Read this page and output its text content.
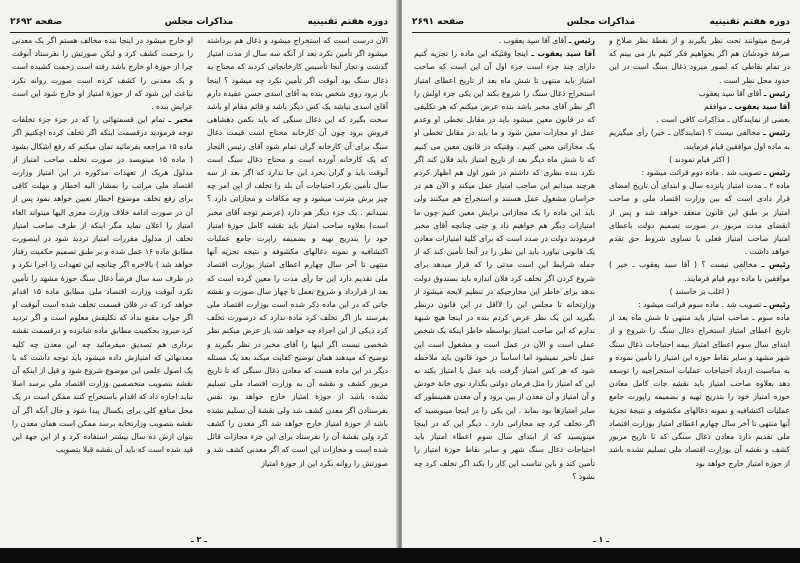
دوره هفتم تقنینیه
مذاکرات مجلس
صفحه ۲۶۹۲

الآن درست است که استخراج میشود و ذغال هم برداشته میشود اگر تأمین نکرد بعد از آنکه سه سال از مدت امتیاز گذشت و تجار آنجا تأسیس کارخانجاتی کردند که محتاج به ذغال سنگ بود آنوقت اگر تأمین نکرد چه میشود ؟ اینجا باز نرود روی شخص بنده به آقای اسدی حسن عقیده دارم آقای اسدی نباشد یک کس دیگر باشد و قائم مقام او باشد سخت بگیرد که این ذغال سنگی که باید بکمن دهشاهی فروش برود چون آن کارخانه محتاج است قیمت ذغال سنگ برای آن کارخانه گران تمام شود آقای رئیس التجار که یک کارخانه آورده است و محتاج ذغال سنگ است آنوقت باید و گران بخرد این جا ندارد که اگر بعد از سه سال تأمین نکرد احتیاجات آن بلد را تخلف از این امر چه چیز برش مترتب میشود و چه مکافات و مجازاتی دارد ؟ نمیدانم . یک جزء دیگر هم دارد (عرضم توجه آقای مخبر است) بعلاوه صاحب امتیاز باید نقشه کامل حوزهٔ امتیاز خود را بتدریج تهیه و بضمیمه راپرت جامع عملیات اکتشافیه و نمونه ذغالهای مکشوفه و نتیجه تجزیه آنها منتهی تا آخر سال چهارم اعطای امتیاز بوزارت اقتصاد ملی تقدیم دارد این جا رأی مدت را معین کرده است که بعد از قرارداد و شروع بعمل تا چهار سال صورت و نقشه جاتی که در این ماده ذکر شده است بوزارت اقتصاد ملی بفرستد باز اگر تخلف کرد مادهٔ ندارد که درصورت تخلف کرد ذیکی از این اجزاء چه خواهد شد باز عرض میکنم نظر شخصی نیست اگر اینها را آقای مخبر در نظر بگیرند و توضیح که میدهند همان توضیح کفایت میکند بعد یک مسئله دیگر در این ماده هست که معادن ذغال سنگی که تا تاریخ مزبور کشف و نقشه آن به وزارت اقتصاد ملی تسلیم نشده باشد از حوزهٔ امتیاز خارج خواهد بود نقس نفرستادن اگر معدن کشف شد ولی نقشهٔ آن تسلیم نشده باشد از حوزهٔ امتیاز خارج خواهد شد اگر معدن را کشف کرد ولی نقشهٔ آن را نفرستاد برای این جزء مجازات قائل شده است و مجازات این است که اگر معدنی کشف شد و صورتش را روانه نکرد این از حوزهٔ امتیاز

او خارج میشود در اینجا بنده مخالف هستم اگر یک معدنی را بزحمت کشف کرد و لیکن صورتش را نفرستاد آنوقت چرا از حوزهٔ او خارج باشد رفته است زحمت کشیده است و یک معدنی را کشف کرده است صورت روانه نکرد نباعث این شود که از حوزهٔ امتیاز او خارج شود این است عرایض بنده .

مخبر ـ تمام این قسمتهائی را که در جزء جزء تخلفات توجه فرمودید درقسمت اینکه اگر تخلف کرده اچکنیم اگر ماده ۱۵ مراجعه بفرمائید تمان میکنم که رفع اشکال بشود ( ماده ۱۵ مینویسد در صورت تخلف صاحب امتیاز از مدلول هریک از تعهدات مذکوره در این امتیاز وزارت اقتصاد ملی مراتب را بمشار الیه اخطار و مهلت کافی برای رفع تخلف موضوع اخطار تعیین خواهد نمود پس از آن در صورت ادامه خلاف وزارت معزی الیها میتواند الغاء امتیاز را اعلان نماید مگر اینکه از طرف صاحب امتیاز تخلف از مدلول مقررات امتیاز تردید شود در اینصورت مطابق ماده ۱۶ عمل شده و بر طبق تصمیم حکمیت رفتار خواهد شد ) بالاخره اگر چنانچه این تعهدات را اجرا نکرد و در ظرف سه سال فرضاً ذغال سنگ حوزهٔ مشهد را تأمین نکرد آنوقت وزارت اقتصاد ملی مطابق ماده ۱۵ اقدام خواهد کرد که در فلان قسمت تخلف شده است آنوقت او اگر جواب مقنع نداد که تکلیفش معلوم است و اگر تردید کرد میرود بحکمیت مطابق ماده شانزده و درقسمت نقشه برداری هم تصدیق میفرمائید چه این معدن چه کلیه معدنهائی که امتیازش داده میشود باید توجه داشت که با یک اصول علمی این موضوع شروع شود و قبل از اینکه آن نقشه بتصویب متخصصین وزارت اقتصاد ملی برسد اصلا نباید اجازه داد که اقدام باستخراج کنند ممکن است در یک محل منافع کلی برای یکسال پیدا شود و حال آنکه اگر آن نقشه بتصویب وزارتخانه برسد ممکن است همان معدن را بتوان ازش ده سال بیشتر استفاده کرد و از این جهة این قید شده است که باید آن نقشه قبلا بتصویب

ـ ۲ ـ
دوره هفتم تقنینیه
مذاکرات مجلس
صفحه ۲۶۹۱

فرسخ میتوانند تحت نظر بگیرند و از نقطهٔ نظر صلاح و صرفهٔ خودشان هم اگر بخواهیم فکر کنیم باز می بینم که در تمام نقاطی که لصور میرود ذغال سنگ است در این حدود محل نظر است .

رئیس ـ آقای آقا سید یعقوب

آقا سید یعقوب ـ موافقم

بعضی از نمایندگان ـ مذاکرات کافی است .

رئیس ـ مخالفی نیست ؟ (نمایندگان ـ خیر) رأی میگیریم به ماده اول موافقین قیام فرمایند.

( اکثر قیام نمودند )

رئیس ـ تصویب شد . ماده دوم قرائت میشود :

ماده ۲ ـ مدت امتیاز پانزده سال و ابتدای آن تاریخ امضای قرار دادی است که بین وزارت اقتصاد ملی و صاحب امتیاز بر طبق این قانون منعقد خواهد شد و پس از انقضای مدت مزبور در صورت تصمیم دولت باعطای امتیاز صاحب امتیاز فعلی با تساوی شروط حق تقدم خواهد داشت .

رئیس ـ مخالفی نیست ؟ ( آقا سید یعقوب ـ خیر ) موافقین با ماده دوم قیام فرمایند.

( اغلب بر خاستند )

رئیس ـ تصویب شد . ماده سوم قرائت میشود :

ماده سوم ـ صاحب امتیاز باید منتهی تا شش ماه بعد از تاریخ اعطای امتیاز استخراج ذغال سنگ را شروع و از ابتدای سال سوم اعطای امتیاز بیمه احتیاجات ذغال سنگ شهر مشهد و سایر نقاط حوزه این امتیاز را تأمین نموده و به مناسبت ازدیاد احتیاجات عملیات استخراجیه را توسعه دهد بعلاوه صاحب امتیاز باید نقشه جات کامل معادن حوزه امتیاز خود را بتدریج تهیه و بضمیمه راپورت جامع عملیات اکتشافیه و نمونه ذغالهای مکشوفه و نتیجهٔ تجزیهٔ آنها منتهی تا آخر سال چهارم اعطای امتیاز بوزارت اقتصاد ملی تقدیم دارد معادن ذغال سنگی که تا تاریخ مزبور کشف و نقشه آن بوزارت اقتصاد ملی تسلیم نشده باشد از حوزه امتیاز خارج خواهد بود

رئیس ـ آقای آقا سید یعقوب .

آقا سید یعقوب ـ اینجا وقتیکه این ماده را تجزیه کنیم دارای چند جزء است جزء اول آن این است که صاحب امتیاز باید منتهی تا شش ماه بعد از تاریخ اعطای امتیاز استخراج ذغال سنگ را شروع بکند این یکی جزء اولش را اگر نظر آقای مخبر باشد بنده عرض میکنم که هر تکلیفی که در قانون معین میشود باید در مقابل تخطی او وعدم عمل او مجازات معین شود و ما باید در مقابل تخطی او یک مجازاتی معین کنیم ، وقتیکه در قانون معین می کنیم که تا شش ماه دیگر بعد از تاریخ امتیاز باید فلان کند اگر نکرد بنده نظری که داشتم در شور اول هم اظهار کردم هرچند میدانم این صاحب امتیاز عمل میکند و الآن هم در خراسان مشغول عمل هستند و استخراج هم میکنند ولی باید این ماده را یک مجازاتی برایش معین کنیم چون ما امتیازات دیگر هم خواهیم داد و حتی چنانچه آقای مخبر فرمودند دولت در صدد است که برای کلیهٔ امتیازات معادن یک قانونی بیاورد باید این نظر را در آنجا تأمین کند که از جمله شرایط این است مدتی را که قرار میدهد برای شروع کردن اگر تخلف کرد فلان اندازه باید بصندوق دولت بدهد برای خاطر این مخارجیکه در تنظیم لایحه میشود از وزارتخانه تا مجلس این را لااقل در این قانون درنظر بگیرید این یک نظر عرض کردم بنده در اینجا هیچ شبههٔ ندارم که این صاحب امتیاز بواسطه خاطر اینکه یک شخص عملی است و الآن در عمل است و مشغول است این عمل تأخیر نمیشود اما اساساً در خود قانون باید ملاحظه شود که هر کس امتیاز گرفت باید عمل با امتیاز بکند نه این که امتیاز را مثل فرمان دولتی بگذارد توی خانهٔ خودش و آن امتیاز و آن معدن از بین برود و آن معدن همینطور که سایر امتیازها بود بماند . این یکی را در اینجا مینویسید که اگر تخلف کرد چه مجازاتی دارد . دیگر این که در اینجا مینویسید که از ابتدای سال سوم اعطاء امتیاز باید احتیاجات ذغال سنگ شهر و سایر نقاط حوزهٔ امتیاز را تأمین کند و باین تناسب این کار را بکند اگر تخلف کرد چه بشود ؟

ـ ۱ ـ
